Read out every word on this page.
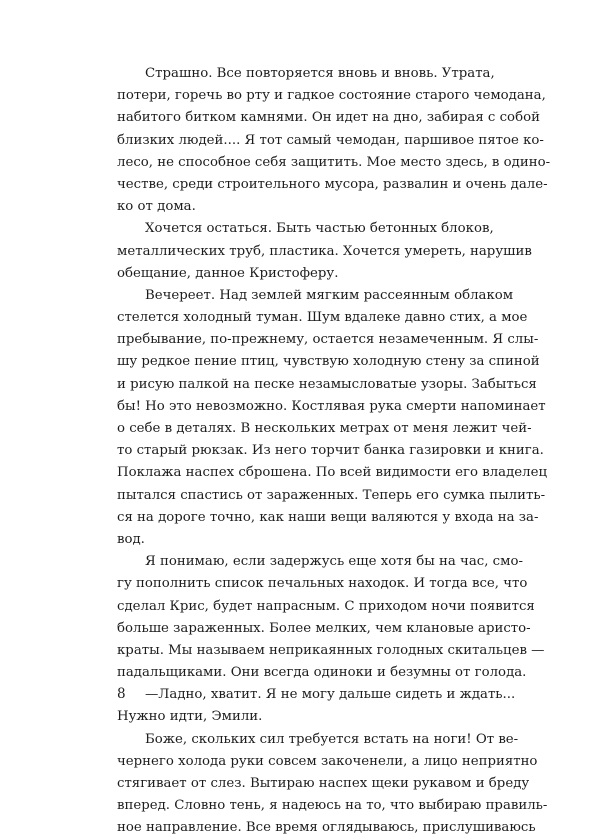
Страшно. Все повторяется вновь и вновь. Утрата,
потери, горечь во рту и гадкое состояние старого чемодана,
набитого битком камнями. Он идет на дно, забирая с собой
близких людей.... Я тот самый чемодан, паршивое пятое ко-
лесо, не способное себя защитить. Мое место здесь, в одино-
честве, среди строительного мусора, развалин и очень дале-
ко от дома.
Хочется остаться. Быть частью бетонных блоков,
металлических труб, пластика. Хочется умереть, нарушив
обещание, данное Кристоферу.
Вечереет. Над землей мягким рассеянным облаком
стелется холодный туман. Шум вдалеке давно стих, а мое
пребывание, по-прежнему, остается незамеченным. Я слы-
шу редкое пение птиц, чувствую холодную стену за спиной
и рисую палкой на песке незамысловатые узоры. Забыться
бы! Но это невозможно. Костлявая рука смерти напоминает
о себе в деталях. В нескольких метрах от меня лежит чей-
то старый рюкзак. Из него торчит банка газировки и книга.
Поклажа наспех сброшена. По всей видимости его владелец
пытался спастись от зараженных. Теперь его сумка пылить-
ся на дороге точно, как наши вещи валяются у входа на за-
вод.
Я понимаю, если задержусь еще хотя бы на час, смо-
гу пополнить список печальных находок. И тогда все, что
сделал Крис, будет напрасным. С приходом ночи появится
больше зараженных. Более мелких, чем клановые аристо-
краты. Мы называем неприкаянных голодных скитальцев —
падальщиками. Они всегда одиноки и безумны от голода.
—Ладно, хватит. Я не могу дальше сидеть и ждать...
Нужно идти, Эмили.
Боже, скольких сил требуется встать на ноги! От ве-
чернего холода руки совсем закоченели, а лицо неприятно
стягивает от слез. Вытираю наспех щеки рукавом и бреду
вперед. Словно тень, я надеюсь на то, что выбираю правиль-
ное направление. Все время оглядываюсь, прислушиваюсь
8
